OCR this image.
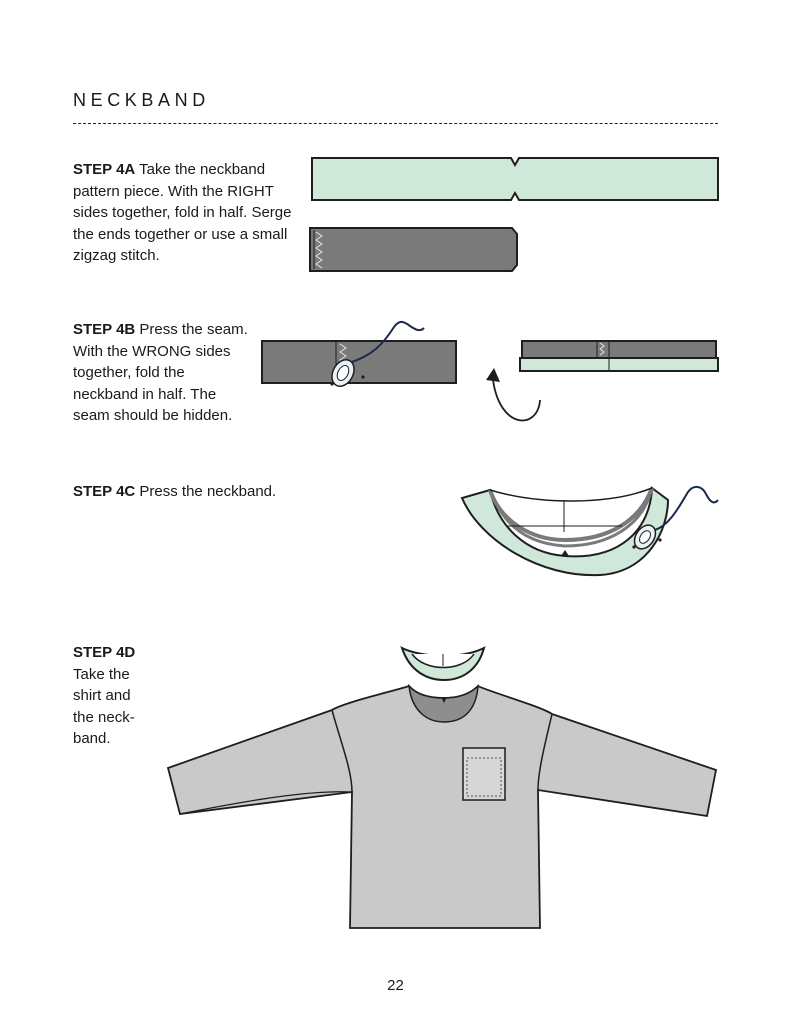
NECKBAND

STEP 4A Take the neckband pattern piece. With the RIGHT sides together, fold in half. Serge the ends together or use a small zigzag stitch.

STEP 4B Press the seam. With the WRONG sides together, fold the neckband in half. The seam should be hidden.

STEP 4C Press the neckband.

STEP 4D
Take the shirt and the neck-band.

22
